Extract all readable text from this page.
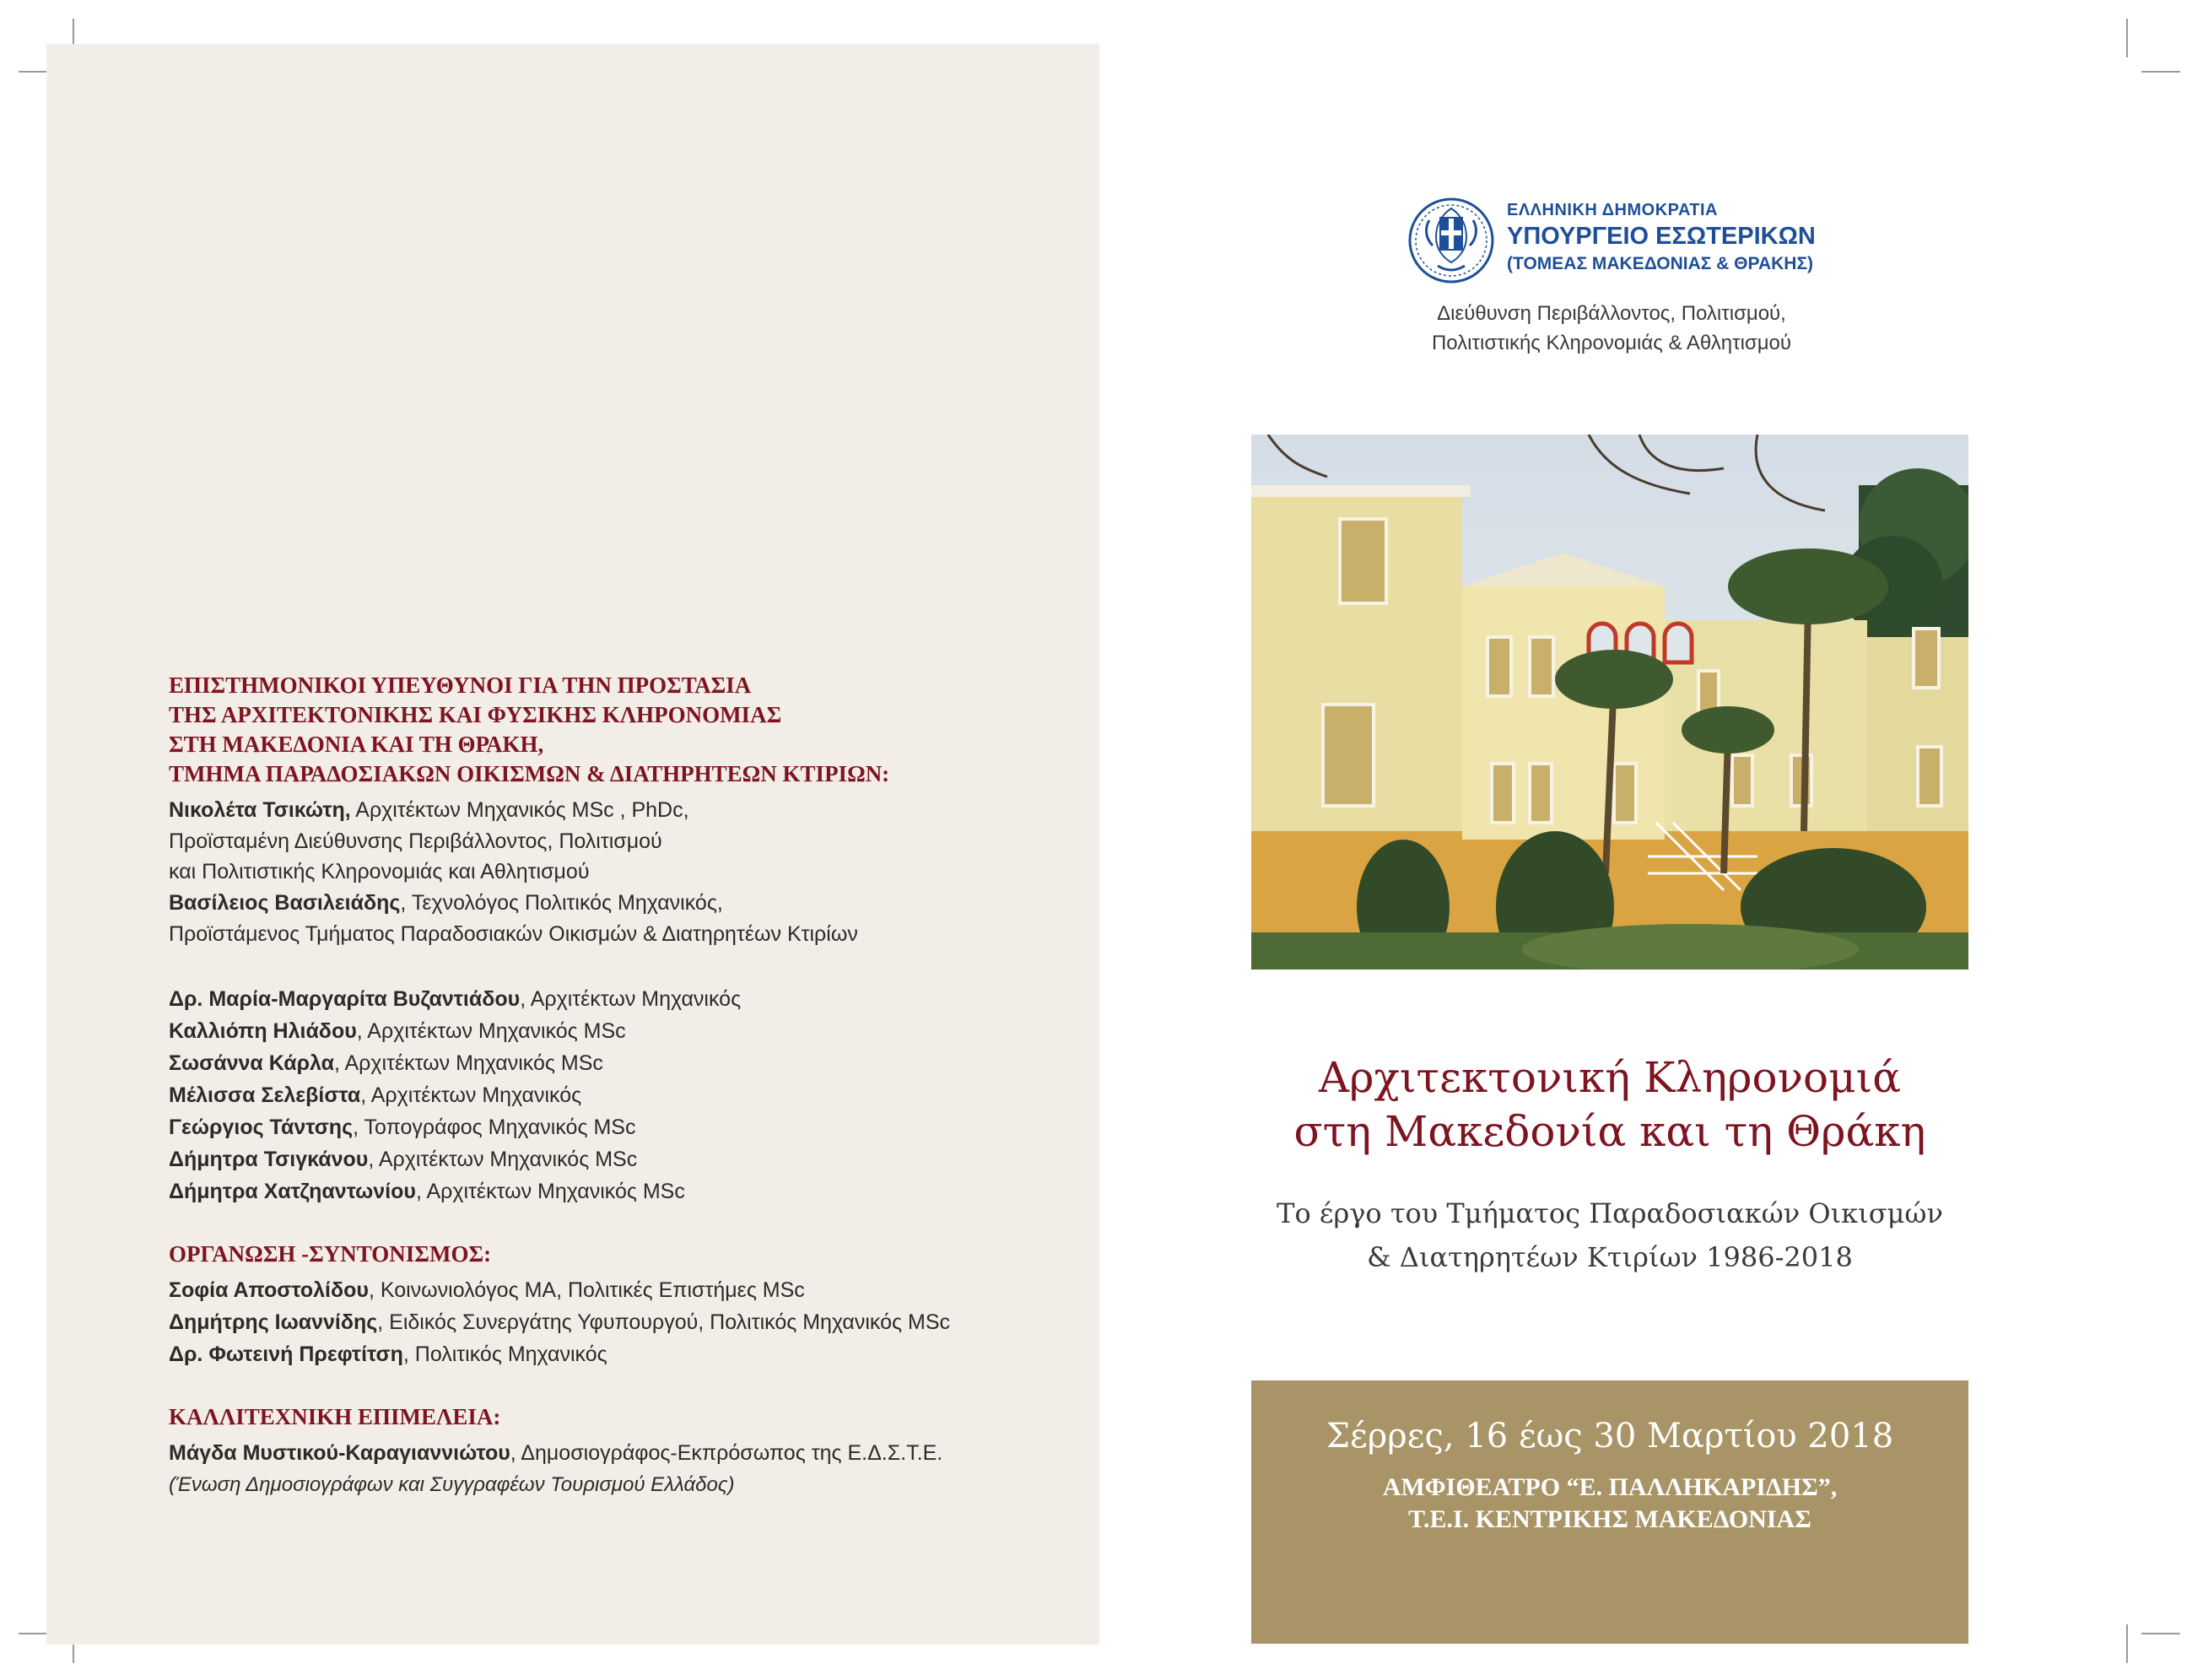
ΕΠΙΣΤΗΜΟΝΙΚΟΙ ΥΠΕΥΘΥΝΟΙ ΓΙΑ ΤΗΝ ΠΡΟΣΤΑΣΙΑ
ΤΗΣ ΑΡΧΙΤΕΚΤΟΝΙΚΗΣ ΚΑΙ ΦΥΣΙΚΗΣ ΚΛΗΡΟΝΟΜΙΑΣ
ΣΤΗ ΜΑΚΕΔΟΝΙΑ ΚΑΙ ΤΗ ΘΡΑΚΗ,
ΤΜΗΜΑ ΠΑΡΑΔΟΣΙΑΚΩΝ ΟΙΚΙΣΜΩΝ & ΔΙΑΤΗΡΗΤΕΩΝ ΚΤΙΡΙΩΝ:
Νικολέτα Τσικώτη, Αρχιτέκτων Μηχανικός MSc , PhDc,
Προϊσταμένη Διεύθυνσης Περιβάλλοντος, Πολιτισμού
και Πολιτιστικής Κληρονομιάς και Αθλητισμού
Βασίλειος Βασιλειάδης, Τεχνολόγος Πολιτικός Μηχανικός,
Προϊστάμενος Τμήματος Παραδοσιακών Οικισμών & Διατηρητέων Κτιρίων
Δρ. Μαρία-Μαργαρίτα Βυζαντιάδου, Αρχιτέκτων Μηχανικός
Καλλιόπη Ηλιάδου, Αρχιτέκτων Μηχανικός MSc
Σωσάννα Κάρλα, Αρχιτέκτων Μηχανικός MSc
Μέλισσα Σελεβίστα, Αρχιτέκτων Μηχανικός
Γεώργιος Τάντσης, Τοπογράφος Μηχανικός MSc
Δήμητρα Τσιγκάνου, Αρχιτέκτων Μηχανικός MSc
Δήμητρα Χατζηαντωνίου, Αρχιτέκτων Μηχανικός MSc
ΟΡΓΑΝΩΣΗ -ΣΥΝΤΟΝΙΣΜΟΣ:
Σοφία Αποστολίδου, Κοινωνιολόγος MA, Πολιτικές Επιστήμες MSc
Δημήτρης Ιωαννίδης, Ειδικός Συνεργάτης Υφυπουργού, Πολιτικός Μηχανικός MSc
Δρ. Φωτεινή Πρεφτίτση, Πολιτικός Μηχανικός
ΚΑΛΛΙΤΕΧΝΙΚΗ ΕΠΙΜΕΛΕΙΑ:
Μάγδα Μυστικού-Καραγιαννιώτου, Δημοσιογράφος-Εκπρόσωπος της Ε.Δ.Σ.Τ.Ε.
(Ένωση Δημοσιογράφων και Συγγραφέων Τουρισμού Ελλάδος)
ΕΛΛΗΝΙΚΗ ΔΗΜΟΚΡΑΤΙΑ
ΥΠΟΥΡΓΕΙΟ ΕΣΩΤΕΡΙΚΩΝ
(ΤΟΜΕΑΣ ΜΑΚΕΔΟΝΙΑΣ & ΘΡΑΚΗΣ)
Διεύθυνση Περιβάλλοντος, Πολιτισμού,
Πολιτιστικής Κληρονομιάς & Αθλητισμού
Αρχιτεκτονική Κληρονομιά
στη Μακεδονία και τη Θράκη
Το έργο του Τμήματος Παραδοσιακών Οικισμών
& Διατηρητέων Κτιρίων 1986-2018
Σέρρες, 16 έως 30 Μαρτίου 2018
ΑΜΦΙΘΕΑΤΡΟ “Ε. ΠΑΛΛΗΚΑΡΙΔΗΣ”,
Τ.Ε.Ι. ΚΕΝΤΡΙΚΗΣ ΜΑΚΕΔΟΝΙΑΣ
